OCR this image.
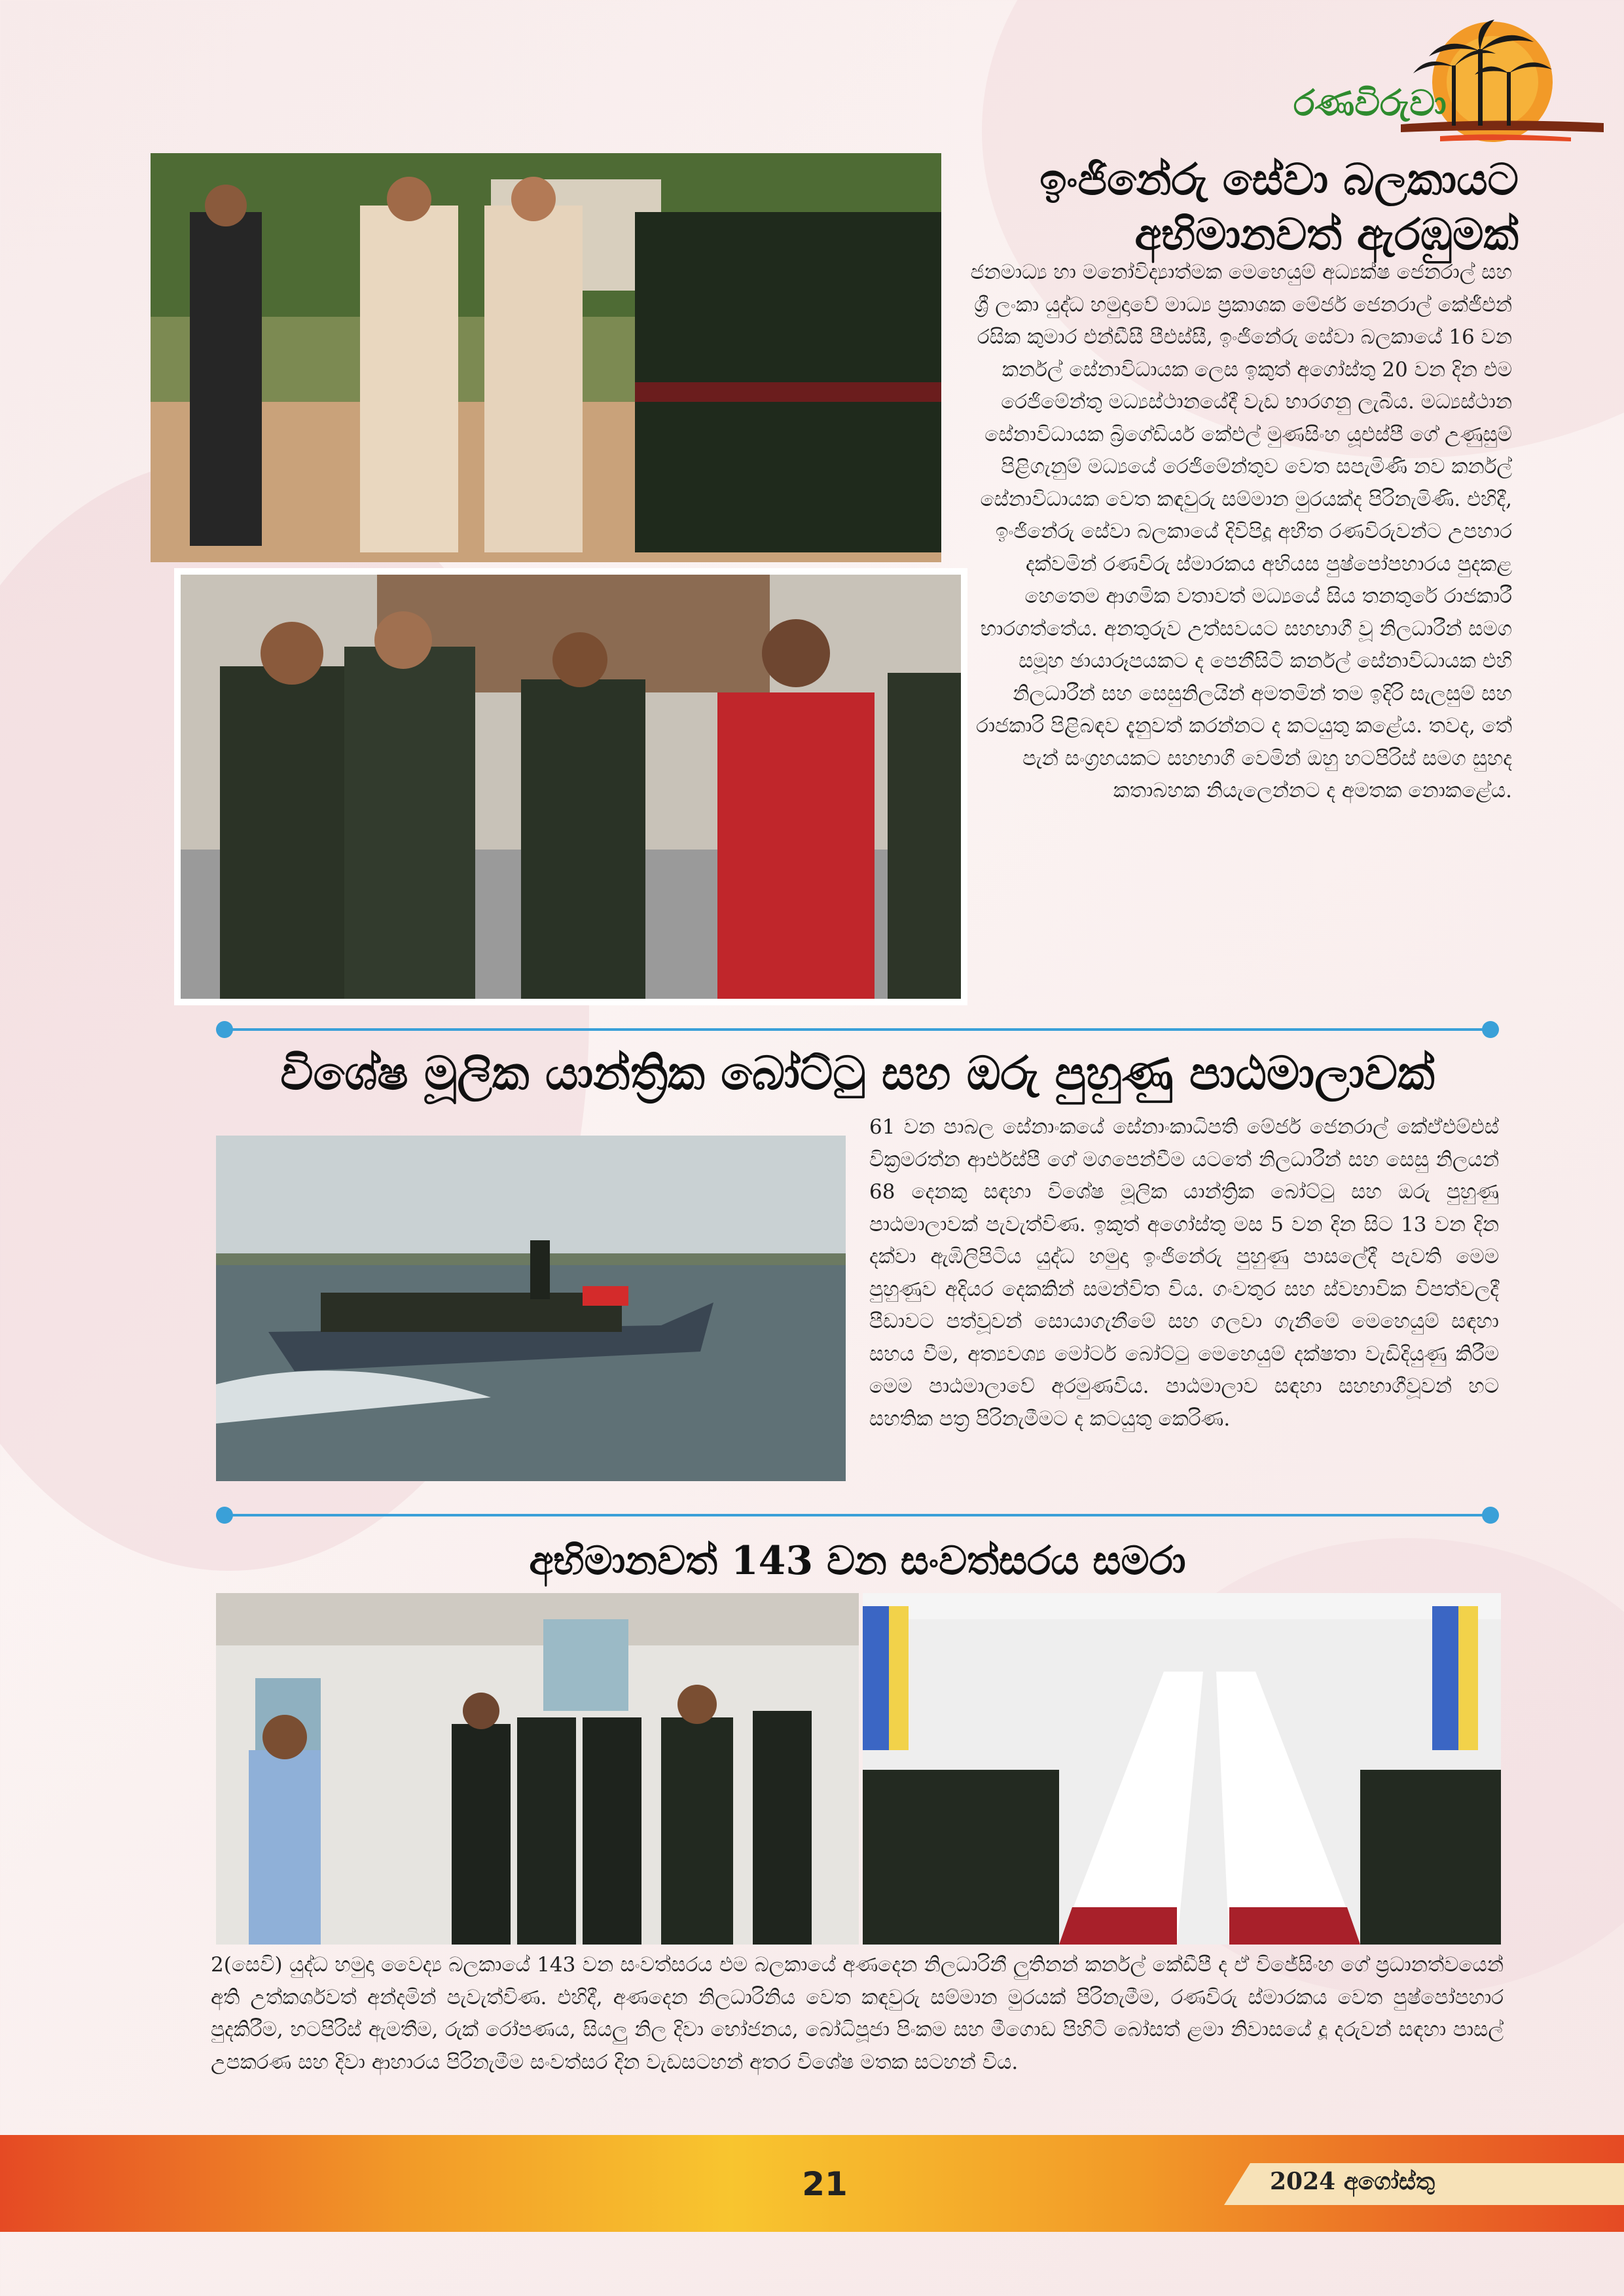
රණවිරුවා
ඉංජිනේරු සේවා බලකායට අභිමානවත් ඇරඹුමක්
ජනමාධ්‍ය හා මනෝවිද්‍යාත්මක මෙහෙයුම් අධ්‍යක්ෂ ජෙනරාල් සහ ශ්‍රී ලංකා යුද්ධ හමුදාවේ මාධ්‍ය ප්‍රකාශක මේජර් ජෙනරාල් කේජීඑන් රසික කුමාර එන්ඩීසී පීඑස්සී, ඉංජිනේරු සේවා බලකායේ 16 වන කර්නල් සේනාවිධායක ලෙස ඉකුත් අගෝස්තු 20 වන දින එම රෙජිමේන්තු මධ්‍යස්ථානයේදී වැඩ භාරගනු ලැබීය. මධ්‍යස්ථාන සේනාවිධායක බ්‍රිගේඩියර් කේඑල් මුණසිංහ යූඑස්පී ගේ උණුසුම් පිළිගැනුම් මධ්‍යයේ රෙජිමේන්තුව වෙත සපැමිණි නව කර්නල් සේනාවිධායක වෙත කඳවුරු සම්මාන මුරයක්ද පිරිනැමිණි. එහිදී, ඉංජිනේරු සේවා බලකායේ දිවිපිදූ අභීත රණවිරුවන්ට උපහාර දක්වමින් රණවිරු ස්මාරකය අභියස පුෂ්පෝපහාරය පුදකළ හෙතෙම ආගමික වතාවත් මධ්‍යයේ සිය තනතුරේ රාජකාරී භාරගත්තේය. අනතුරුව උත්සවයට සහභාගී වූ නිලධාරීන් සමග සමූහ ඡායාරූපයකට ද පෙනීසිටි කර්නල් සේනාවිධායක එහි නිලධාරීන් සහ සෙසුනිලයින් අමතමින් තම ඉදිරි සැලසුම් සහ රාජකාරි පිළිබඳව දැනුවත් කරන්නට ද කටයුතු කළේය. තවද, තේ පැන් සංග්‍රහයකට සහභාගී වෙමින් ඔහු හටපිරිස් සමග සුහද කතාබහක නියැලෙන්නට ද අමතක නොකළේය.
විශේෂ මූලික යාන්ත්‍රික බෝට්ටු සහ ඔරු පුහුණු පාඨමාලාවක්
61 වන පාබල සේනාංකයේ සේනාංකාධිපති මේජර් ජෙනරාල් කේඒඑම්එස් වික්‍රමරත්න ආර්එස්පී ගේ මගපෙන්වීම යටතේ නිලධාරීන් සහ සෙසු නිලයන් 68 දෙනකු සඳහා විශේෂ මූලික යාන්ත්‍රික බෝට්ටු සහ ඔරු පුහුණු පාඨමාලාවක් පැවැත්විණ. ඉකුත් අගෝස්තු මස 5 වන දින සිට 13 වන දින දක්වා ඇඹිලිපිටිය යුද්ධ හමුදා ඉංජිනේරු පුහුණු පාසලේදී පැවති මෙම පුහුණුව අදියර දෙකකින් සමන්විත විය. ගංවතුර සහ ස්වභාවික විපත්වලදී පීඩාවට පත්වූවන් සොයාගැනීමේ සහ ගලවා ගැනීමේ මෙහෙයුම් සඳහා සහය වීම, අත්‍යවශ්‍ය මෝටර් බෝට්ටු මෙහෙයුම් දක්ෂතා වැඩිදියුණු කිරීම මෙම පාඨමාලාවේ අරමුණවිය. පාඨමාලාව සඳහා සහභාගීවූවන් හට සහතික පත්‍ර පිරිනැමීමට ද කටයුතු කෙරිණ.
අභිමානවත් 143 වන සංවත්සරය සමරා
2(සෙවි) යුද්ධ හමුදා වෛද්‍ය බලකායේ 143 වන සංවත්සරය එම බලකායේ අණදෙන නිලධාරිනී ලුතිනන් කර්නල් කේඩීපී ද ඒ විජේසිංහ ගේ ප්‍රධානත්වයෙන් අති උත්කර්ශවත් අන්දමින් පැවැත්විණ. එහිදී, අණදෙන නිලධාරිනිය වෙත කඳවුරු සම්මාන මුරයක් පිරිනැමීම, රණවිරු ස්මාරකය වෙත පුෂ්පෝපහාර පුදකිරීම, හටපිරිස් ඇමතීම, රුක් රෝපණය, සියලු නිල දිවා භෝජනය, බෝධිපූජා පිංකම සහ මීගොඩ පිහිටි බෝසත් ළමා නිවාසයේ දූ දරුවන් සඳහා පාසල් උපකරණ සහ දිවා ආහාරය පිරිනැමීම සංවත්සර දින වැඩසටහන් අතර විශේෂ මතක සටහන් විය.
21	2024 අගෝස්තු
